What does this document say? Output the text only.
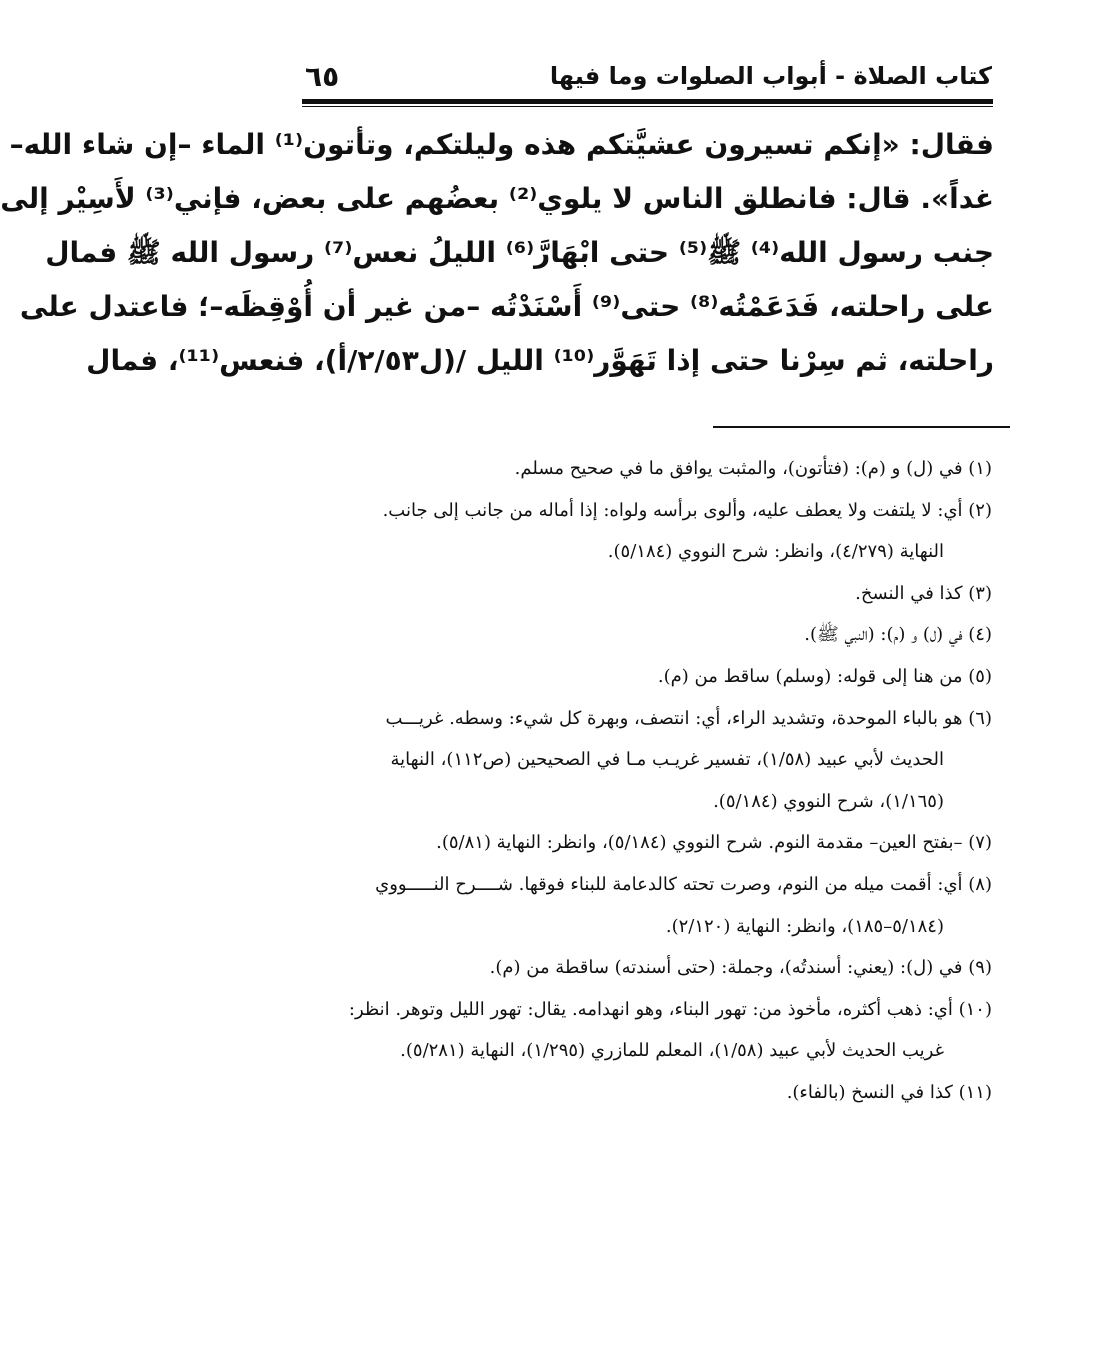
كتاب الصلاة - أبواب الصلوات وما فيها
٦٥
فقال: «إنكم تسيرون عشيَّتكم هذه وليلتكم، وتأتون⁽¹⁾ الماء –إن شاء الله–
غداً». قال: فانطلق الناس لا يلوي⁽²⁾ بعضُهم على بعض، فإني⁽³⁾ لأَسِيْر إلى
جنب رسول الله⁽⁴⁾ ﷺ⁽⁵⁾ حتى ابْهَارَّ⁽⁶⁾ الليلُ نعس⁽⁷⁾ رسول الله ﷺ فمال
على راحلته، فَدَعَمْتُه⁽⁸⁾ حتى⁽⁹⁾ أَسْنَدْتُه –من غير أن أُوْقِظَه–؛ فاعتدل على
راحلته، ثم سِرْنا حتى إذا تَهَوَّر⁽¹⁰⁾ الليل /(ل٢/٥٣/أ)، فنعس⁽¹¹⁾، فمال
(١) في (ل) و (م): (فتأتون)، والمثبت يوافق ما في صحيح مسلم.
(٢) أي: لا يلتفت ولا يعطف عليه، وألوى برأسه ولواه: إذا أماله من جانب إلى جانب.
النهاية (٤/٢٧٩)، وانظر: شرح النووي (٥/١٨٤).
(٣) كذا في النسخ.
(٤) في (ل) و (م): (النبي ﷺ).
(٥) من هنا إلى قوله: (وسلم) ساقط من (م).
(٦) هو بالباء الموحدة، وتشديد الراء، أي: انتصف، وبهرة كل شيء: وسطه. غريـــب
الحديث لأبي عبيد (١/٥٨)، تفسير غريـب مـا في الصحيحين (ص١١٢)، النهاية
(١/١٦٥)، شرح النووي (٥/١٨٤).
(٧) –بفتح العين– مقدمة النوم. شرح النووي (٥/١٨٤)، وانظر: النهاية (٥/٨١).
(٨) أي: أقمت ميله من النوم، وصرت تحته كالدعامة للبناء فوقها. شــــرح النـــــووي
(٥/١٨٤–١٨٥)، وانظر: النهاية (٢/١٢٠).
(٩) في (ل): (يعني: أسندتُه)، وجملة: (حتى أسندته) ساقطة من (م).
(١٠) أي: ذهب أكثره، مأخوذ من: تهور البناء، وهو انهدامه. يقال: تهور الليل وتوهر. انظر:
غريب الحديث لأبي عبيد (١/٥٨)، المعلم للمازري (١/٢٩٥)، النهاية (٥/٢٨١).
(١١) كذا في النسخ (بالفاء).
